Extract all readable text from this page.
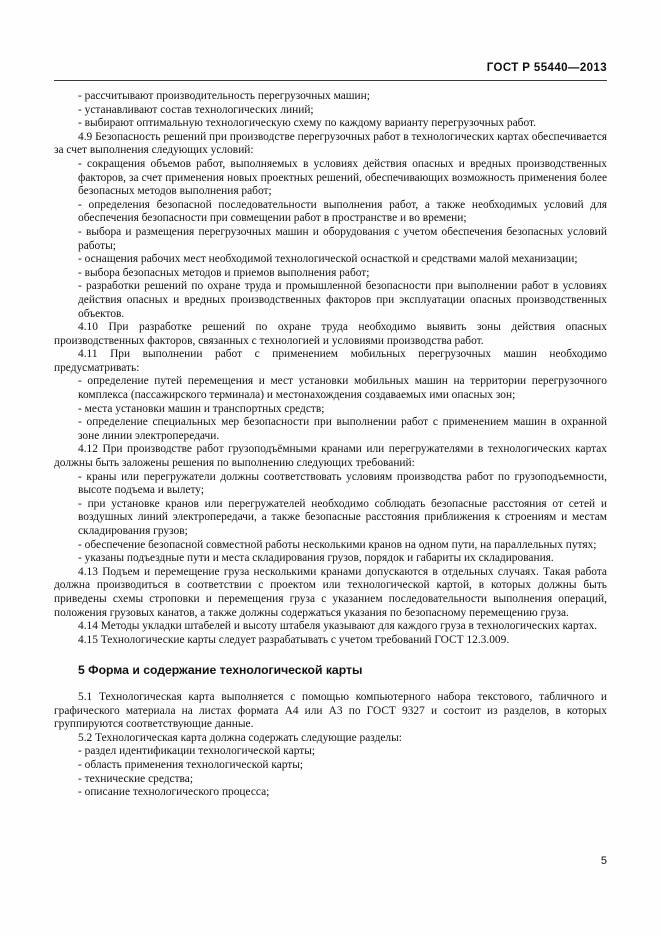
ГОСТ Р 55440—2013

- рассчитывают производительность перегрузочных машин;

- устанавливают состав технологических линий;

- выбирают оптимальную технологическую схему по каждому варианту перегрузочных работ.

4.9 Безопасность решений при производстве перегрузочных работ в технологических картах обеспечивается за счет выполнения следующих условий:

- сокращения объемов работ, выполняемых в условиях действия опасных и вредных производственных факторов, за счет применения новых проектных решений, обеспечивающих возможность применения более безопасных методов выполнения работ;

- определения безопасной последовательности выполнения работ, а также необходимых условий для обеспечения безопасности при совмещении работ в пространстве и во времени;

- выбора и размещения перегрузочных машин и оборудования с учетом обеспечения безопасных условий работы;

- оснащения рабочих мест необходимой технологической оснасткой и средствами малой механизации;

- выбора безопасных методов и приемов выполнения работ;

- разработки решений по охране труда и промышленной безопасности при выполнении работ в условиях действия опасных и вредных производственных факторов при эксплуатации опасных производственных объектов.

4.10 При разработке решений по охране труда необходимо выявить зоны действия опасных производственных факторов, связанных с технологией и условиями производства работ.

4.11 При выполнении работ с применением мобильных перегрузочных машин необходимо предусматривать:

- определение путей перемещения и мест установки мобильных машин на территории перегрузочного комплекса (пассажирского терминала) и местонахождения создаваемых ими опасных зон;

- места установки машин и транспортных средств;

- определение специальных мер безопасности при выполнении работ с применением машин в охранной зоне линии электропередачи.

4.12 При производстве работ грузоподъёмными кранами или перегружателями в технологических картах должны быть заложены решения по выполнению следующих требований:

- краны или перегружатели должны соответствовать условиям производства работ по грузоподъемности, высоте подъема и вылету;

- при установке кранов или перегружателей необходимо соблюдать безопасные расстояния от сетей и воздушных линий электропередачи, а также безопасные расстояния приближения к строениям и местам складирования грузов;

- обеспечение безопасной совместной работы несколькими кранов на одном пути, на параллельных путях;

- указаны подъездные пути и места складирования грузов, порядок и габариты их складирования.

4.13 Подъем и перемещение груза несколькими кранами допускаются в отдельных случаях. Такая работа должна производиться в соответствии с проектом или технологической картой, в которых должны быть приведены схемы строповки и перемещения груза с указанием последовательности выполнения операций, положения грузовых канатов, а также должны содержаться указания по безопасному перемещению груза.

4.14 Методы укладки штабелей и высоту штабеля указывают для каждого груза в технологических картах.

4.15 Технологические карты следует разрабатывать с учетом требований ГОСТ 12.3.009.

5 Форма и содержание технологической карты

5.1 Технологическая карта выполняется с помощью компьютерного набора текстового, табличного и графического материала на листах формата А4 или А3 по ГОСТ 9327 и состоит из разделов, в которых группируются соответствующие данные.

5.2 Технологическая карта должна содержать следующие разделы:

- раздел идентификации технологической карты;

- область применения технологической карты;

- технические средства;

- описание технологического процесса;

5
